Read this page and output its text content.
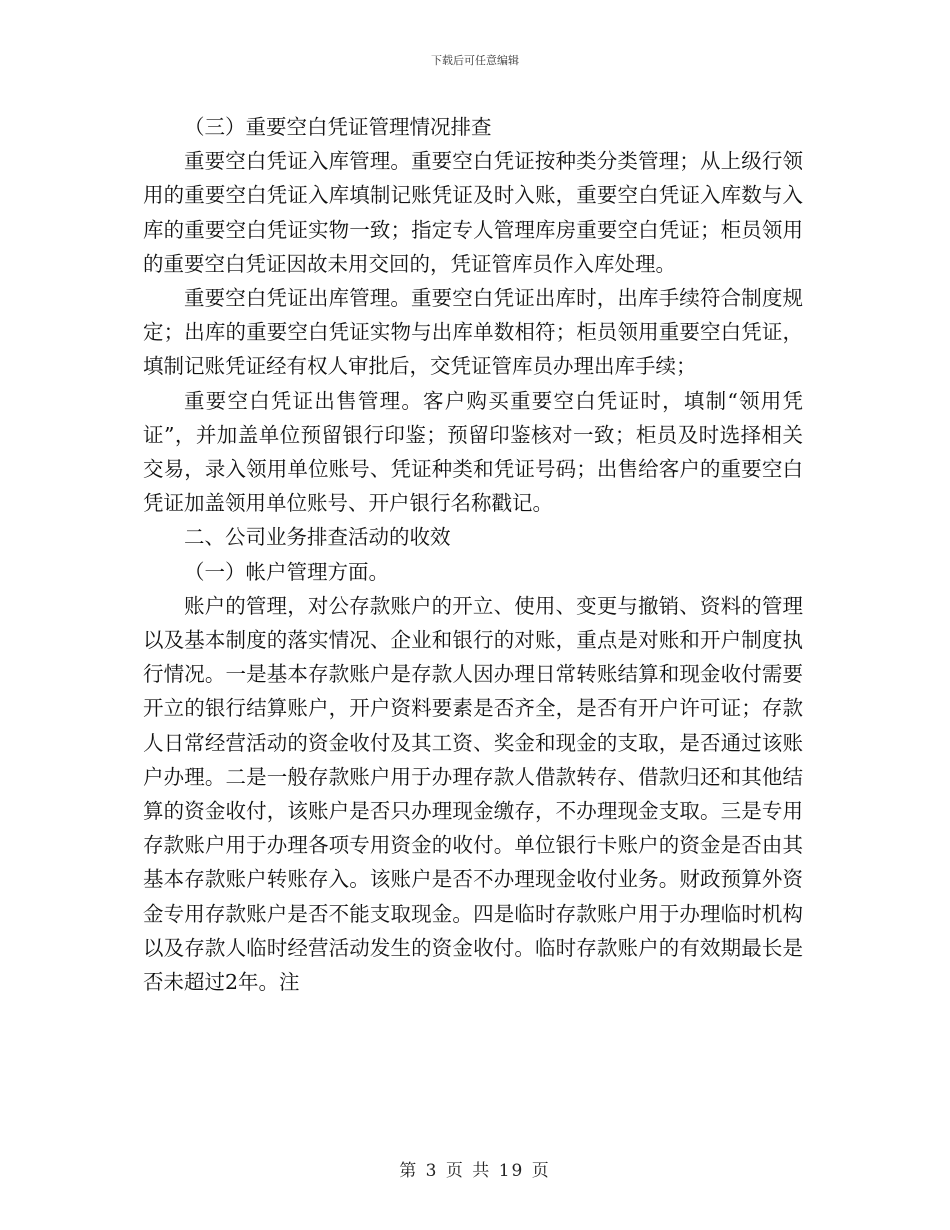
下载后可任意编辑

（三）重要空白凭证管理情况排查

重要空白凭证入库管理。重要空白凭证按种类分类管理；从上级行领用的重要空白凭证入库填制记账凭证及时入账，重要空白凭证入库数与入库的重要空白凭证实物一致；指定专人管理库房重要空白凭证；柜员领用的重要空白凭证因故未用交回的，凭证管库员作入库处理。

重要空白凭证出库管理。重要空白凭证出库时，出库手续符合制度规定；出库的重要空白凭证实物与出库单数相符；柜员领用重要空白凭证，填制记账凭证经有权人审批后，交凭证管库员办理出库手续；

重要空白凭证出售管理。客户购买重要空白凭证时，填制“领用凭证”，并加盖单位预留银行印鉴；预留印鉴核对一致；柜员及时选择相关交易，录入领用单位账号、凭证种类和凭证号码；出售给客户的重要空白凭证加盖领用单位账号、开户银行名称戳记。

二、公司业务排查活动的收效

（一）帐户管理方面。

账户的管理，对公存款账户的开立、使用、变更与撤销、资料的管理以及基本制度的落实情况、企业和银行的对账，重点是对账和开户制度执行情况。一是基本存款账户是存款人因办理日常转账结算和现金收付需要开立的银行结算账户，开户资料要素是否齐全，是否有开户许可证；存款人日常经营活动的资金收付及其工资、奖金和现金的支取，是否通过该账户办理。二是一般存款账户用于办理存款人借款转存、借款归还和其他结算的资金收付，该账户是否只办理现金缴存，不办理现金支取。三是专用存款账户用于办理各项专用资金的收付。单位银行卡账户的资金是否由其基本存款账户转账存入。该账户是否不办理现金收付业务。财政预算外资金专用存款账户是否不能支取现金。四是临时存款账户用于办理临时机构以及存款人临时经营活动发生的资金收付。临时存款账户的有效期最长是否未超过2年。注

第 3 页 共 19 页
